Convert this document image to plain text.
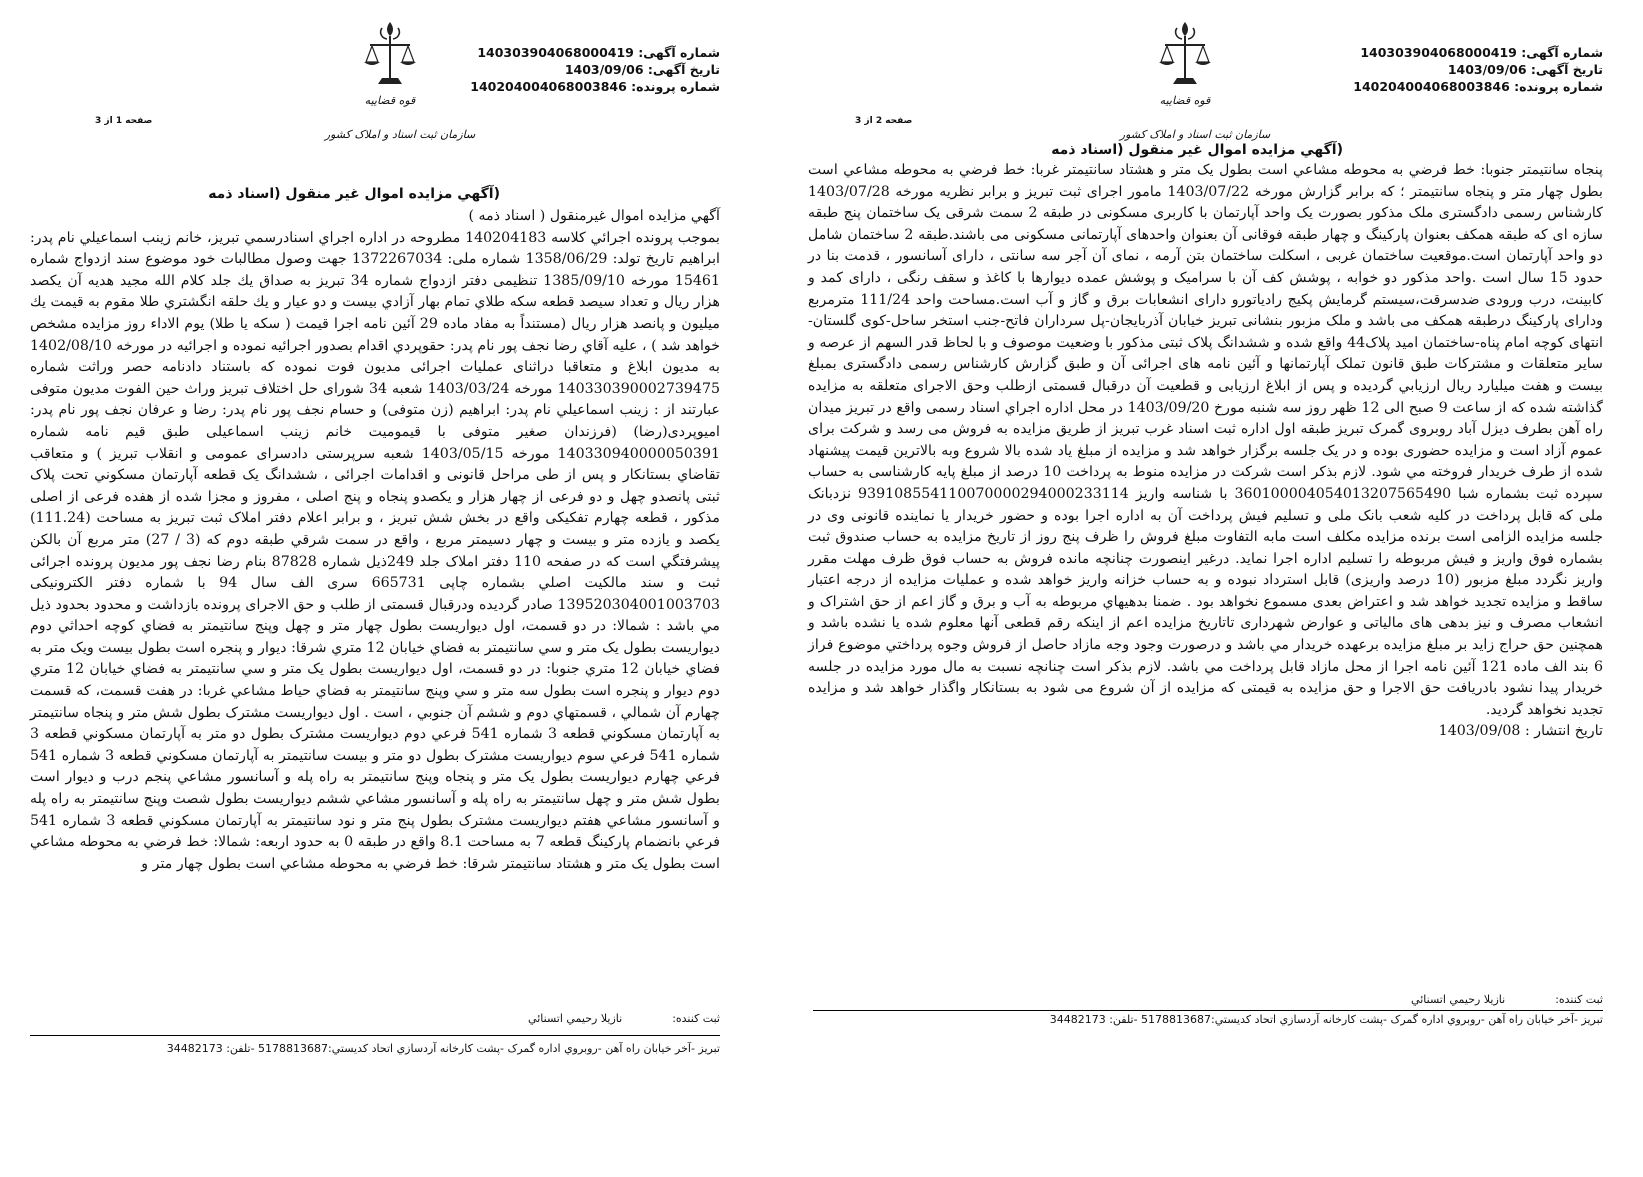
شماره آگهی: 140303904068000419
تاریخ آگهی: 1403/09/06
شماره پرونده: 140204004068003846
قوه قضاییه
سازمان ثبت اسناد و املاک کشور
صفحه 1 از 3
(آگهي مزايده اموال غير منقول (اسناد ذمه

آگهي مزايده اموال غيرمنقول ( اسناد ذمه )

بموجب پرونده اجرائي كلاسه 140204183 مطروحه در اداره اجراي اسنادرسمي تبريز، خانم زينب اسماعيلي نام پدر: ابراهيم تاريخ تولد: 1358/06/29 شماره ملی: 1372267034 جهت وصول مطالبات خود موضوع سند ازدواج شماره 15461 مورخه 1385/09/10 تنظيمی دفتر ازدواج شماره 34 تبريز به صداق يك جلد كلام الله مجيد هديه آن يكصد هزار ريال و تعداد سيصد قطعه سكه طلاي تمام بهار آزادي بيست و دو عيار و يك حلقه انگشتري طلا مقوم به قيمت يك ميليون و پانصد هزار ريال (مستنداً به مفاد ماده 29 آئين نامه اجرا قيمت ( سكه يا طلا) يوم الاداء روز مزايده مشخص خواهد شد ) ، عليه آقاي رضا نجف پور نام پدر: حقوپردي اقدام بصدور اجرائيه نموده و اجرائيه در مورخه 1402/08/10 به مديون ابلاغ و متعاقبا دراثنای عمليات اجرائی مديون فوت نموده كه باستناد دادنامه حصر وراثت شماره 140330390002739475 مورخه 1403/03/24 شعبه 34 شورای حل اختلاف تبريز وراث حين الفوت مديون متوفی عبارتند از : زينب اسماعيلي نام پدر: ابراهيم (زن متوفی) و حسام نجف پور نام پدر: رضا و عرفان نجف پور نام پدر: اميوپردی(رضا) (فرزندان صغير متوفی با قيموميت خانم زينب اسماعيلی طبق قيم نامه شماره 140330940000050391 مورخه 1403/05/15 شعبه سرپرستی دادسرای عمومی و انقلاب تبريز ) و متعاقب تقاضاي بستانكار و پس از طی مراحل قانونی و اقدامات اجرائی ، ششدانگ يک قطعه آپارتمان مسكوني تحت پلاک ثبتی پانصدو چهل و دو فرعی از چهار هزار و يكصدو پنجاه و پنج اصلی ، مفروز و مجزا شده از هفده فرعی از اصلی مذكور ، قطعه چهارم تفكيكی واقع در بخش شش تبريز ، و برابر اعلام دفتر املاک ثبت تبريز به مساحت (111.24) يكصد و يازده متر و بيست و چهار دسيمتر مربع ، واقع در سمت شرقي طبقه دوم كه (3 / 27) متر مربع آن بالكن پيشرفتگي است كه در صفحه 110 دفتر املاک جلد 249ذيل شماره 87828 بنام رضا نجف پور مديون پرونده اجرائی ثبت و سند مالكيت اصلي بشماره چاپی 665731 سری الف سال 94 با شماره دفتر الكترونيكی 139520304001003703 صادر گرديده ودرقبال قسمتی از طلب و حق الاجرای پرونده بازداشت و محدود بحدود ذيل مي باشد : شمالا: در دو قسمت، اول ديواريست بطول چهار متر و چهل وپنج سانتيمتر به فضاي كوچه احداثي دوم ديواريست بطول يک متر و سي سانتيمتر به فضاي خيابان 12 متري شرقا: ديوار و پنجره است بطول بيست ويک متر به فضاي خيابان 12 متري جنوبا: در دو قسمت، اول ديواريست بطول يک متر و سي سانتيمتر به فضاي خيابان 12 متري دوم ديوار و پنجره است بطول سه متر و سي وپنج سانتيمتر به فضاي حياط مشاعي غربا: در هفت قسمت، كه قسمت چهارم آن شمالي ، قسمتهاي دوم و ششم آن جنوبي ، است . اول ديواريست مشترک بطول شش متر و پنجاه سانتيمتر به آپارتمان مسكوني قطعه 3 شماره 541 فرعي دوم ديواريست مشترک بطول دو متر به آپارتمان مسكوني قطعه 3 شماره 541 فرعي سوم ديواريست مشترک بطول دو متر و بيست سانتيمتر به آپارتمان مسكوني قطعه 3 شماره 541 فرعي چهارم ديواريست بطول يک متر و پنجاه وپنج سانتيمتر به راه پله و آسانسور مشاعي پنجم درب و ديوار است بطول شش متر و چهل سانتيمتر به راه پله و آسانسور مشاعي ششم ديواريست بطول شصت وپنج سانتيمتر به راه پله و آسانسور مشاعي هفتم ديواريست مشترک بطول پنج متر و نود سانتيمتر به آپارتمان مسكوني قطعه 3 شماره 541 فرعي بانضمام پاركينگ قطعه 7 به مساحت 8.1 واقع در طبقه 0 به حدود اربعه: شمالا: خط فرضي به محوطه مشاعي است بطول يک متر و هشتاد سانتيمتر شرقا: خط فرضي به محوطه مشاعي است بطول چهار متر و

ثبت كننده:نازيلا رحيمي اتسنائي
تبريز -آخر خيابان راه آهن -روبروي اداره گمرک -پشت كارخانه آردسازي اتحاد كديستي:5178813687 -تلفن: 34482173
شماره آگهی: 140303904068000419
تاریخ آگهی: 1403/09/06
شماره پرونده: 140204004068003846
قوه قضاییه
سازمان ثبت اسناد و املاک کشور
صفحه 2 از 3
(آگهي مزايده اموال غير منقول (اسناد ذمه

پنجاه سانتيمتر جنوبا: خط فرضي به محوطه مشاعي است بطول يک متر و هشتاد سانتيمتر غربا: خط فرضي به محوطه مشاعي است بطول چهار متر و پنجاه سانتيمتر ؛ كه برابر گزارش مورخه 1403/07/22 مامور اجرای ثبت تبريز و برابر نظريه مورخه 1403/07/28 كارشناس رسمی دادگستری ملک مذكور بصورت يک واحد آپارتمان با كاربری مسكونی در طبقه 2 سمت شرقی يک ساختمان پنج طبقه سازه ای كه طبقه همكف بعنوان پاركينگ و چهار طبقه فوقانی آن بعنوان واحدهای آپارتمانی مسكونی می باشند.طبقه 2 ساختمان شامل دو واحد آپارتمان است.موقعيت ساختمان غربی ، اسكلت ساختمان بتن آرمه ، نمای آن آجر سه سانتی ، دارای آسانسور ، قدمت بنا در حدود 15 سال است .واحد مذكور دو خوابه ، پوشش كف آن با سراميک و پوشش عمده ديوارها با كاغذ و سقف رنگی ، دارای كمد و كابينت، درب ورودی ضدسرقت،سيستم گرمايش پكيج رادياتورو دارای انشعابات برق و گاز و آب است.مساحت واحد 111/24 مترمربع ودارای پاركينگ درطبقه همكف می باشد و ملک مزبور بنشانی تبريز خيابان آذربايجان-پل سرداران فاتح-جنب استخر ساحل-كوی گلستان-انتهای كوچه امام پناه-ساختمان اميد پلاک44 واقع شده و ششدانگ پلاک ثبتی مذكور با وضعيت موصوف و با لحاظ قدر السهم از عرصه و ساير متعلقات و مشتركات طبق قانون تملک آپارتمانها و آئين نامه های اجرائی آن و طبق گزارش كارشناس رسمی دادگستری بمبلغ بيست و هفت ميليارد ريال ارزيابي گرديده و پس از ابلاغ ارزيابی و قطعيت آن درقبال قسمتی ازطلب وحق الاجرای متعلقه به مزايده گذاشته شده كه از ساعت 9 صبح الی 12 ظهر روز سه شنبه مورخ 1403/09/20 در محل اداره اجراي اسناد رسمی واقع در تبريز ميدان راه آهن بطرف ديزل آباد روبروی گمرک تبريز طبقه اول اداره ثبت اسناد غرب تبريز از طريق مزايده به فروش می رسد و شركت برای عموم آزاد است و مزايده حضوری بوده و در يک جلسه برگزار خواهد شد و مزايده از مبلغ ياد شده بالا شروع وبه بالاترين قيمت پيشنهاد شده از طرف خريدار فروخته مي شود. لازم بذكر است شركت در مزايده منوط به پرداخت 10 درصد از مبلغ پايه كارشناسی به حساب سپرده ثبت بشماره شبا 360100004054013207565490 با شناسه واريز 939108554110070000294000233114 نزدبانک ملی كه قابل پرداخت در كليه شعب بانک ملی و تسليم فيش پرداخت آن به اداره اجرا بوده و حضور خريدار يا نماينده قانونی وی در جلسه مزايده الزامی است برنده مزايده مكلف است مابه التفاوت مبلغ فروش را ظرف پنج روز از تاريخ مزايده به حساب صندوق ثبت بشماره فوق واريز و فيش مربوطه را تسليم اداره اجرا نمايد. درغير اينصورت چنانچه مانده فروش به حساب فوق ظرف مهلت مقرر واريز نگردد مبلغ مزبور (10 درصد واريزی) قابل استرداد نبوده و به حساب خزانه واريز خواهد شده و عمليات مزايده از درجه اعتبار ساقط و مزايده تجديد خواهد شد و اعتراض بعدی مسموع نخواهد بود . ضمنا بدهيهاي مربوطه به آب و برق و گاز اعم از حق اشتراک و انشعاب مصرف و نيز بدهی های مالياتی و عوارض شهرداری تاتاريخ مزايده اعم از اينكه رقم قطعی آنها معلوم شده يا نشده باشد و همچنين حق حراج زايد بر مبلغ مزايده برعهده خريدار مي باشد و درصورت وجود وجه مازاد حاصل از فروش وجوه پرداختي موضوع فراز 6 بند الف ماده 121 آئين نامه اجرا از محل مازاد قابل پرداخت مي باشد. لازم بذكر است چنانچه نسبت به مال مورد مزايده در جلسه خريدار پيدا نشود بادريافت حق الاجرا و حق مزايده به قيمتی كه مزايده از آن شروع می شود به بستانكار واگذار خواهد شد و مزايده تجديد نخواهد گرديد.

تاريخ انتشار : 1403/09/08

ثبت كننده:نازيلا رحيمي اتسنائي
تبريز -آخر خيابان راه آهن -روبروي اداره گمرک -پشت كارخانه آردسازي اتحاد كديستي:5178813687 -تلفن: 34482173
